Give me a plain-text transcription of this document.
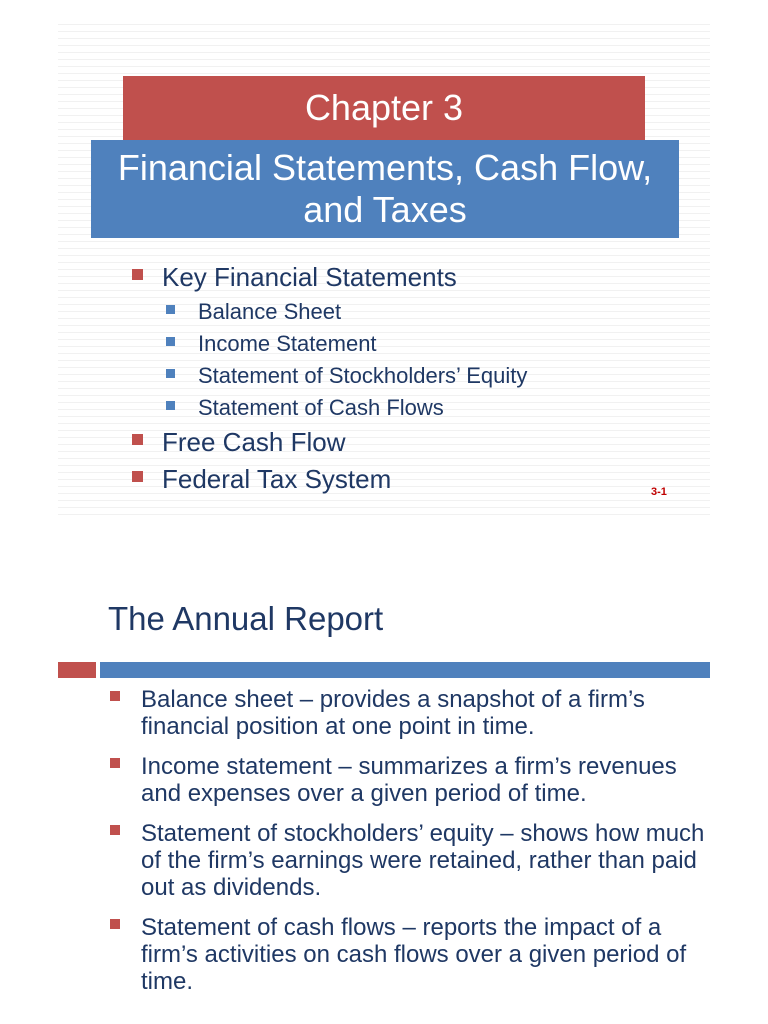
Chapter 3
Financial Statements, Cash Flow, and Taxes
Key Financial Statements
Balance Sheet
Income Statement
Statement of Stockholders’ Equity
Statement of Cash Flows
Free Cash Flow
Federal Tax System	3-1
The Annual Report
Balance sheet – provides a snapshot of a firm’s financial position at one point in time.
Income statement – summarizes a firm’s revenues and expenses over a given period of time.
Statement of stockholders’ equity – shows how much of the firm’s earnings were retained, rather than paid out as dividends.
Statement of cash flows – reports the impact of a firm’s activities on cash flows over a given period of time.
